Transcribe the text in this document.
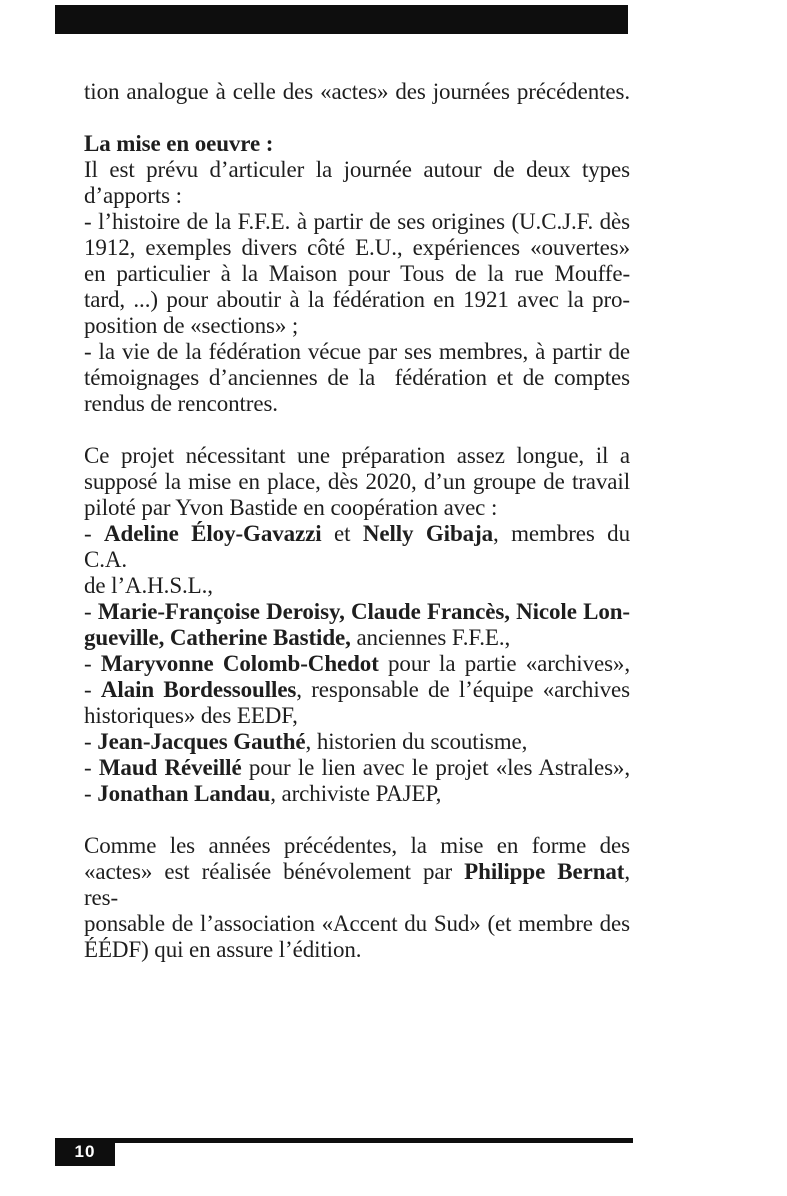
tion analogue à celle des «actes» des journées précédentes.
La mise en oeuvre :
Il est prévu d’articuler la journée autour de deux types
d’apports :
- l’histoire de la F.F.E. à partir de ses origines (U.C.J.F. dès
1912, exemples divers côté E.U., expériences «ouvertes»
en particulier à la Maison pour Tous de la rue Mouffe-
tard, ...) pour aboutir à la fédération en 1921 avec la pro-
position de «sections» ;
- la vie de la fédération vécue par ses membres, à partir de
témoignages d’anciennes de la  fédération et de comptes
rendus de rencontres.
Ce projet nécessitant une préparation assez longue, il a
supposé la mise en place, dès 2020, d’un groupe de travail
piloté par Yvon Bastide en coopération avec :
- Adeline Éloy-Gavazzi et Nelly Gibaja, membres du C.A.
de l’A.H.S.L.,
- Marie-Françoise Deroisy, Claude Francès, Nicole Lon-
gueville, Catherine Bastide, anciennes F.F.E.,
- Maryvonne Colomb-Chedot pour la partie «archives»,
- Alain Bordessoulles, responsable de l’équipe «archives
historiques» des EEDF,
- Jean-Jacques Gauthé, historien du scoutisme,
- Maud Réveillé pour le lien avec le projet «les Astrales»,
- Jonathan Landau, archiviste PAJEP,
Comme les années précédentes, la mise en forme des
«actes» est réalisée bénévolement par Philippe Bernat, res-
ponsable de l’association «Accent du Sud» (et membre des
ÉÉDF) qui en assure l’édition.
10
